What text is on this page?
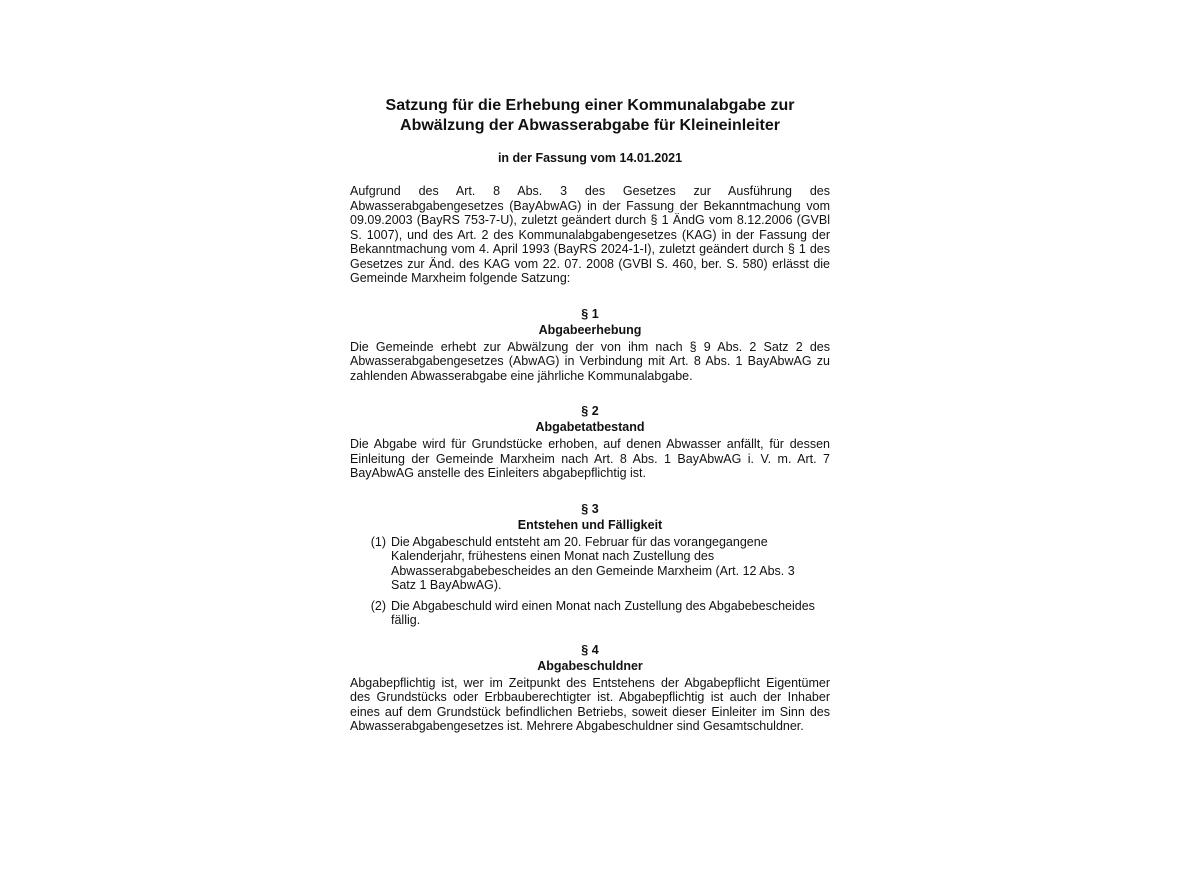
Satzung für die Erhebung einer Kommunalabgabe zur
Abwälzung der Abwasserabgabe für Kleineinleiter

in der Fassung vom 14.01.2021

Aufgrund des Art. 8 Abs. 3 des Gesetzes zur Ausführung des Abwasserabgabengesetzes (BayAbwAG) in der Fassung der Bekanntmachung vom 09.09.2003 (BayRS 753-7-U), zuletzt geändert durch § 1 ÄndG vom 8.12.2006 (GVBl S. 1007), und des Art. 2 des Kommunalabgabengesetzes (KAG) in der Fassung der Bekanntmachung vom 4. April 1993 (BayRS 2024-1-I), zuletzt geändert durch § 1 des Gesetzes zur Änd. des KAG vom 22. 07. 2008 (GVBl S. 460, ber. S. 580) erlässt die Gemeinde Marxheim folgende Satzung:

§ 1

Abgabeerhebung

Die Gemeinde erhebt zur Abwälzung der von ihm nach § 9 Abs. 2 Satz 2 des Abwasserabgabengesetzes (AbwAG) in Verbindung mit Art. 8 Abs. 1 BayAbwAG zu zahlenden Abwasserabgabe eine jährliche Kommunalabgabe.

§ 2

Abgabetatbestand

Die Abgabe wird für Grundstücke erhoben, auf denen Abwasser anfällt, für dessen Einleitung der Gemeinde Marxheim nach Art. 8 Abs. 1 BayAbwAG i. V. m. Art. 7 BayAbwAG anstelle des Einleiters abgabepflichtig ist.

§ 3

Entstehen und Fälligkeit

(1) Die Abgabeschuld entsteht am 20. Februar für das vorangegangene Kalenderjahr, frühestens einen Monat nach Zustellung des Abwasserabgabebescheides an den Gemeinde Marxheim (Art. 12 Abs. 3 Satz 1 BayAbwAG).
(2) Die Abgabeschuld wird einen Monat nach Zustellung des Abgabebescheides fällig.

§ 4

Abgabeschuldner

Abgabepflichtig ist, wer im Zeitpunkt des Entstehens der Abgabepflicht Eigentümer des Grundstücks oder Erbbauberechtigter ist. Abgabepflichtig ist auch der Inhaber eines auf dem Grundstück befindlichen Betriebs, soweit dieser Einleiter im Sinn des Abwasserabgabengesetzes ist. Mehrere Abgabeschuldner sind Gesamtschuldner.
